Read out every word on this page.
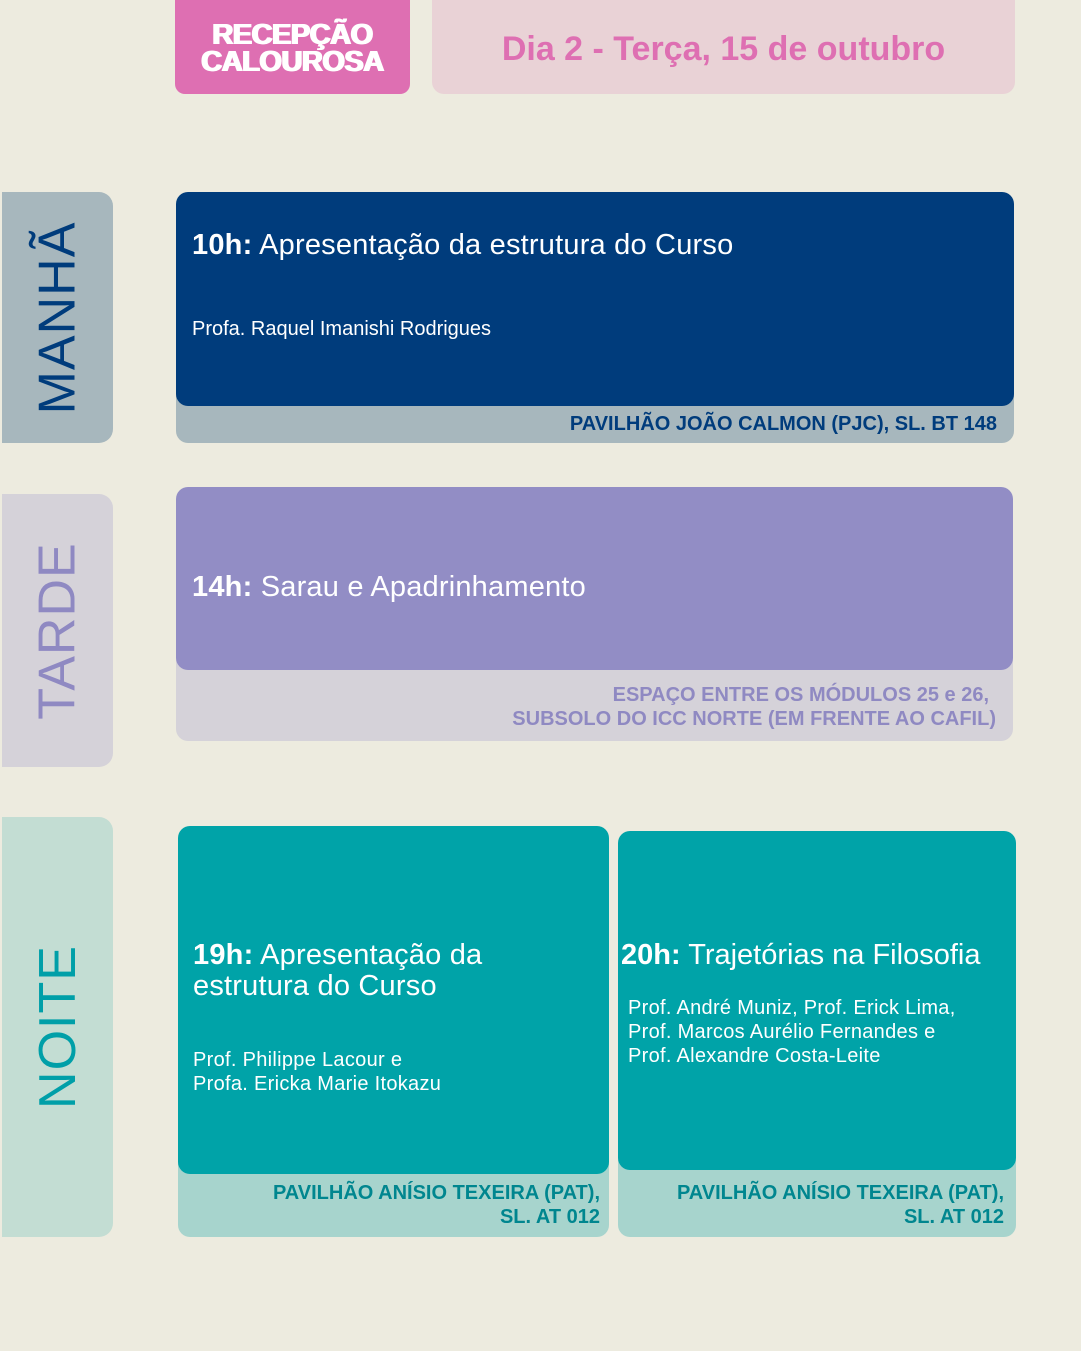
RECEPÇÃO
CALOUROSA	Dia 2 - Terça, 15 de outubro
MANHÃ
TARDE
NOITE
PAVILHÃO JOÃO CALMON (PJC), SL. BT 148
10h: Apresentação da estrutura do Curso
Profa. Raquel Imanishi Rodrigues
ESPAÇO ENTRE OS MÓDULOS 25 e 26,
SUBSOLO DO ICC NORTE (EM FRENTE AO CAFIL)
14h: Sarau e Apadrinhamento
PAVILHÃO ANÍSIO TEXEIRA (PAT),
SL. AT 012
19h: Apresentação da
estrutura do Curso
Prof. Philippe Lacour e
Profa. Ericka Marie Itokazu
PAVILHÃO ANÍSIO TEXEIRA (PAT),
SL. AT 012
20h: Trajetórias na Filosofia
Prof. André Muniz, Prof. Erick Lima,
Prof. Marcos Aurélio Fernandes e
Prof. Alexandre Costa-Leite
